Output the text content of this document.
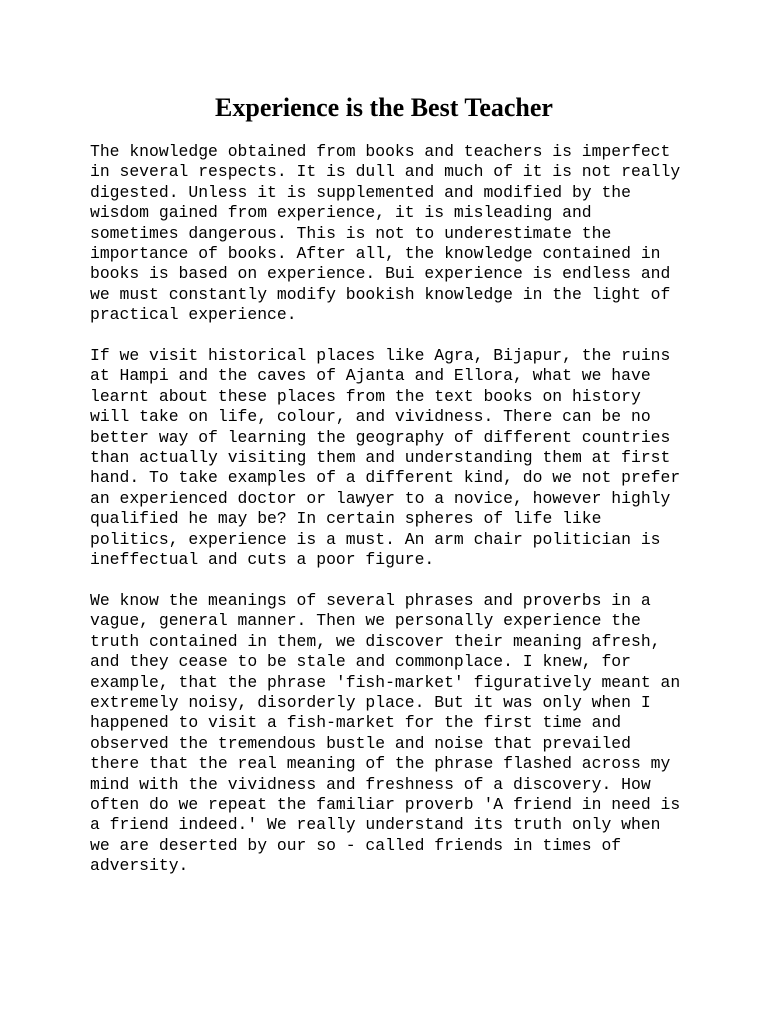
Experience is the Best Teacher

The knowledge obtained from books and teachers is imperfect
in several respects. It is dull and much of it is not really
digested. Unless it is supplemented and modified by the
wisdom gained from experience, it is misleading and
sometimes dangerous. This is not to underestimate the
importance of books. After all, the knowledge contained in
books is based on experience. Bui experience is endless and
we must constantly modify bookish knowledge in the light of
practical experience.

If we visit historical places like Agra, Bijapur, the ruins
at Hampi and the caves of Ajanta and Ellora, what we have
learnt about these places from the text books on history
will take on life, colour, and vividness. There can be no
better way of learning the geography of different countries
than actually visiting them and understanding them at first
hand. To take examples of a different kind, do we not prefer
an experienced doctor or lawyer to a novice, however highly
qualified he may be? In certain spheres of life like
politics, experience is a must. An arm chair politician is
ineffectual and cuts a poor figure.

We know the meanings of several phrases and proverbs in a
vague, general manner. Then we personally experience the
truth contained in them, we discover their meaning afresh,
and they cease to be stale and commonplace. I knew, for
example, that the phrase 'fish-market' figuratively meant an
extremely noisy, disorderly place. But it was only when I
happened to visit a fish-market for the first time and
observed the tremendous bustle and noise that prevailed
there that the real meaning of the phrase flashed across my
mind with the vividness and freshness of a discovery. How
often do we repeat the familiar proverb 'A friend in need is
a friend indeed.' We really understand its truth only when
we are deserted by our so - called friends in times of
adversity.
